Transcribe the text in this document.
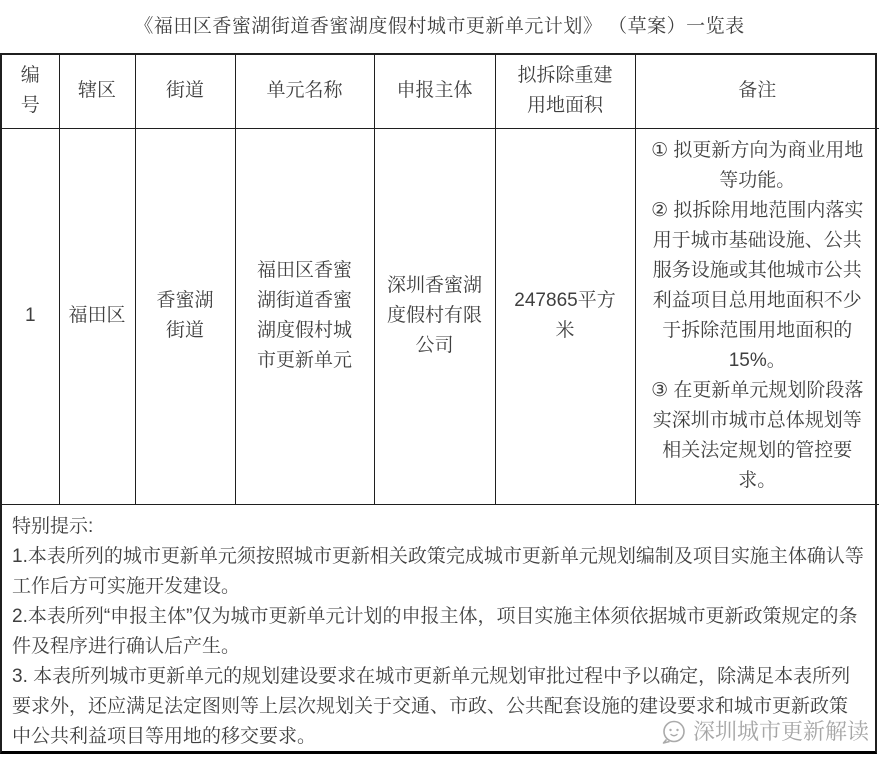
《福田区香蜜湖街道香蜜湖度假村城市更新单元计划》 （草案）一览表
编号	辖区	街道	单元名称	申报主体	拟拆除重建用地面积	备注
1	福田区	香蜜湖街道	福田区香蜜湖街道香蜜湖度假村城市更新单元	深圳香蜜湖度假村有限公司	247865平方米	① 拟更新方向为商业用地等功能。
② 拟拆除用地范围内落实用于城市基础设施、公共服务设施或其他城市公共利益项目总用地面积不少于拆除范围用地面积的15%。
③ 在更新单元规划阶段落实深圳市城市总体规划等相关法定规划的管控要求。

特别提示:

1.本表所列的城市更新单元须按照城市更新相关政策完成城市更新单元规划编制及项目实施主体确认等工作后方可实施开发建设。

2.本表所列“申报主体”仅为城市更新单元计划的申报主体，项目实施主体须依据城市更新政策规定的条件及程序进行确认后产生。

3. 本表所列城市更新单元的规划建设要求在城市更新单元规划审批过程中予以确定，除满足本表所列要求外，还应满足法定图则等上层次规划关于交通、市政、公共配套设施的建设要求和城市更新政策中公共利益项目等用地的移交要求。	深圳城市更新解读
